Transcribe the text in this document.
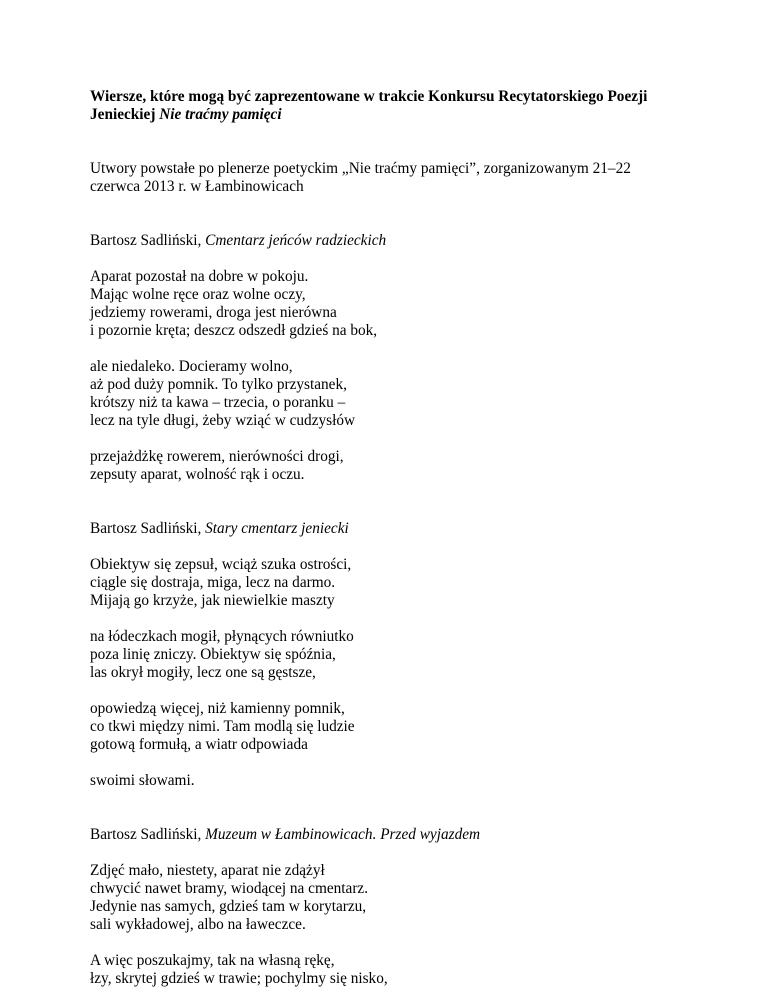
Wiersze, które mogą być zaprezentowane w trakcie Konkursu Recytatorskiego Poezji
Jenieckiej Nie traćmy pamięci

Utwory powstałe po plenerze poetyckim „Nie traćmy pamięci”, zorganizowanym 21–22
czerwca 2013 r. w Łambinowicach

Bartosz Sadliński, Cmentarz jeńców radzieckich

Aparat pozostał na dobre w pokoju.
Mając wolne ręce oraz wolne oczy,
jedziemy rowerami, droga jest nierówna
i pozornie kręta; deszcz odszedł gdzieś na bok,
ale niedaleko. Docieramy wolno,
aż pod duży pomnik. To tylko przystanek,
krótszy niż ta kawa – trzecia, o poranku –
lecz na tyle długi, żeby wziąć w cudzysłów
przejażdżkę rowerem, nierówności drogi,
zepsuty aparat, wolność rąk i oczu.

Bartosz Sadliński, Stary cmentarz jeniecki

Obiektyw się zepsuł, wciąż szuka ostrości,
ciągle się dostraja, miga, lecz na darmo.
Mijają go krzyże, jak niewielkie maszty
na łódeczkach mogił, płynących równiutko
poza linię zniczy. Obiektyw się spóźnia,
las okrył mogiły, lecz one są gęstsze,
opowiedzą więcej, niż kamienny pomnik,
co tkwi między nimi. Tam modlą się ludzie
gotową formułą, a wiatr odpowiada
swoimi słowami.

Bartosz Sadliński, Muzeum w Łambinowicach. Przed wyjazdem

Zdjęć mało, niestety, aparat nie zdążył
chwycić nawet bramy, wiodącej na cmentarz.
Jedynie nas samych, gdzieś tam w korytarzu,
sali wykładowej, albo na ławeczce.
A więc poszukajmy, tak na własną rękę,
łzy, skrytej gdzieś w trawie; pochylmy się nisko,
